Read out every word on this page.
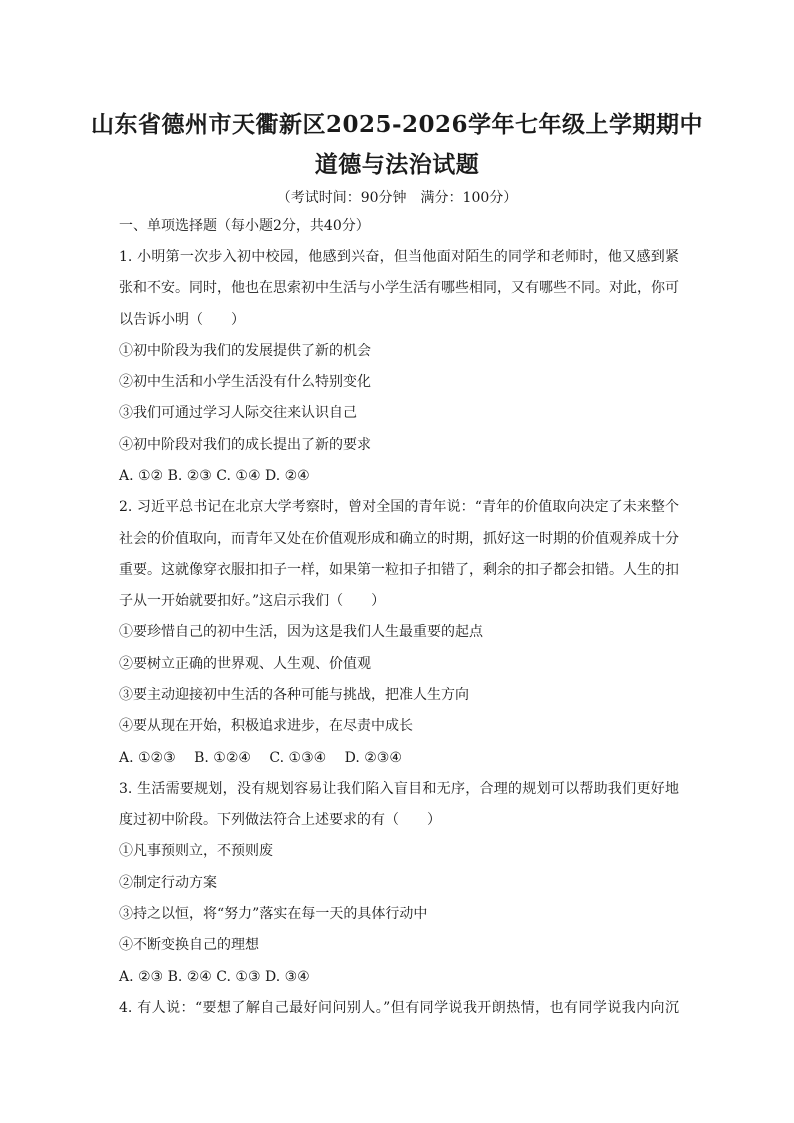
山东省德州市天衢新区2025-2026学年七年级上学期期中
道德与法治试题
（考试时间：90分钟　满分：100分）
一、单项选择题（每小题2分，共40分）
1. 小明第一次步入初中校园，他感到兴奋，但当他面对陌生的同学和老师时，他又感到紧
张和不安。同时，他也在思索初中生活与小学生活有哪些相同，又有哪些不同。对此，你可
以告诉小明（　　）
①初中阶段为我们的发展提供了新的机会
②初中生活和小学生活没有什么特别变化
③我们可通过学习人际交往来认识自己
④初中阶段对我们的成长提出了新的要求
A. ①② B. ②③ C. ①④ D. ②④
2. 习近平总书记在北京大学考察时，曾对全国的青年说：“青年的价值取向决定了未来整个
社会的价值取向，而青年又处在价值观形成和确立的时期，抓好这一时期的价值观养成十分
重要。这就像穿衣服扣扣子一样，如果第一粒扣子扣错了，剩余的扣子都会扣错。人生的扣
子从一开始就要扣好。”这启示我们（　　）
①要珍惜自己的初中生活，因为这是我们人生最重要的起点
②要树立正确的世界观、人生观、价值观
③要主动迎接初中生活的各种可能与挑战，把准人生方向
④要从现在开始，积极追求进步，在尽责中成长
A. ①②③　 B. ①②④　 C. ①③④　 D. ②③④
3. 生活需要规划，没有规划容易让我们陷入盲目和无序，合理的规划可以帮助我们更好地
度过初中阶段。下列做法符合上述要求的有（　　）
①凡事预则立，不预则废
②制定行动方案
③持之以恒，将“努力”落实在每一天的具体行动中
④不断变换自己的理想
A. ②③ B. ②④ C. ①③ D. ③④
4. 有人说：“要想了解自己最好问问别人。”但有同学说我开朗热情，也有同学说我内向沉
